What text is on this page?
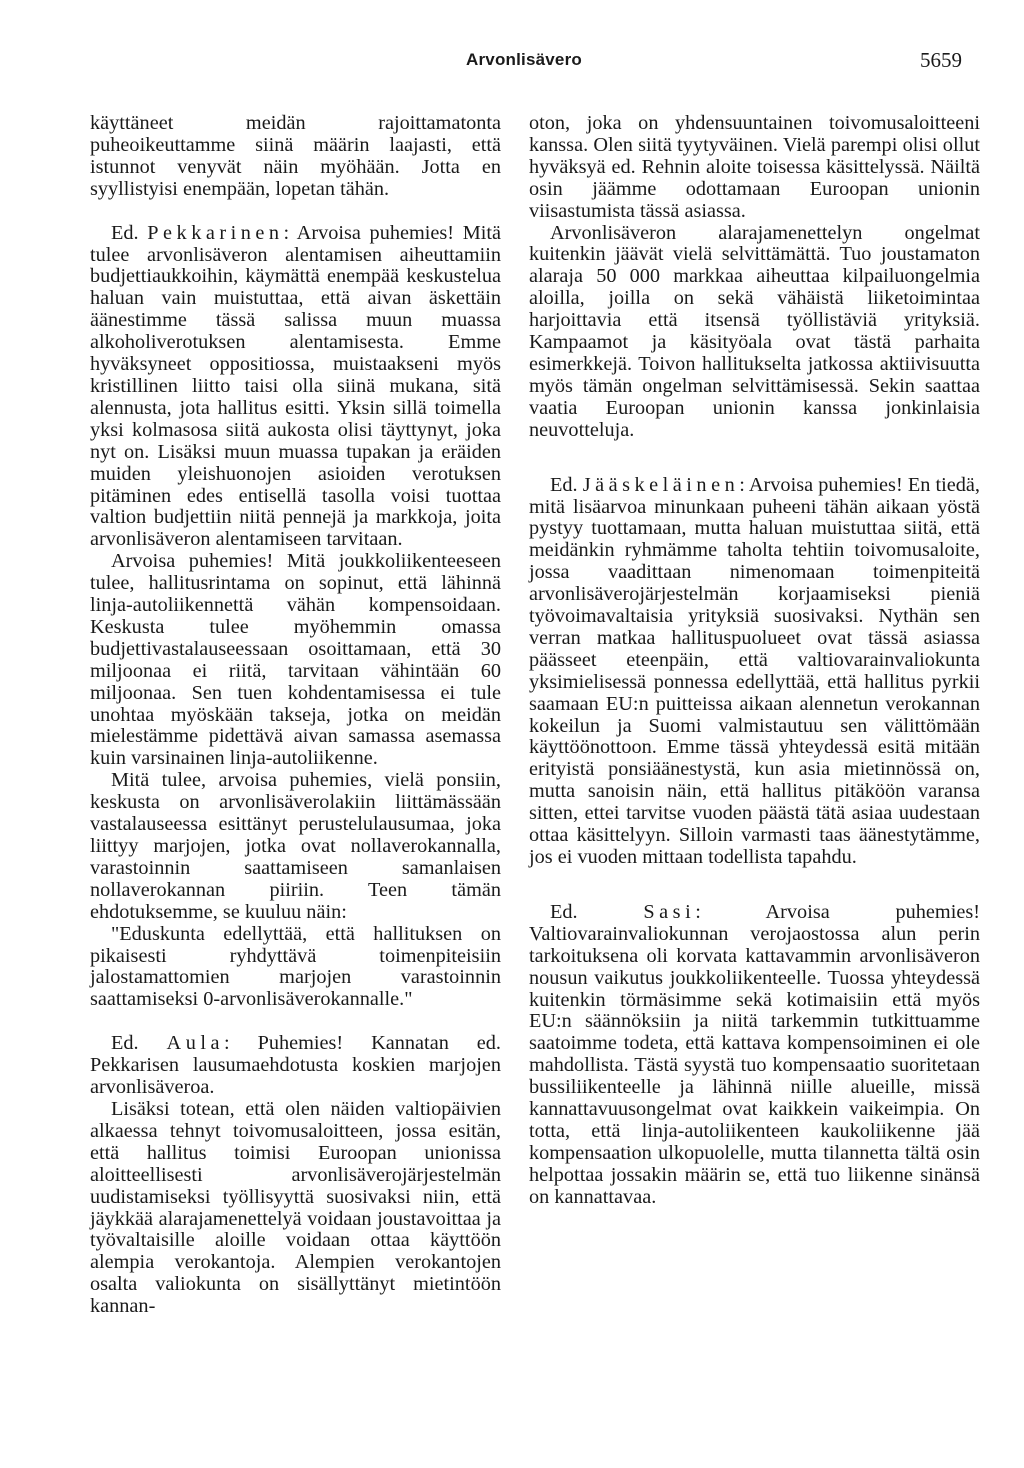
Arvonlisävero	5659

käyttäneet meidän rajoittamatonta puheoikeuttamme siinä määrin laajasti, että istunnot venyvät näin myöhään. Jotta en syyllistyisi enempään, lopetan tähän.

Ed. Pekkarinen: Arvoisa puhemies! Mitä tulee arvonlisäveron alentamisen aiheuttamiin budjettiaukkoihin, käymättä enempää keskustelua haluan vain muistuttaa, että aivan äskettäin äänestimme tässä salissa muun muassa alkoholiverotuksen alentamisesta. Emme hyväksyneet oppositiossa, muistaakseni myös kristillinen liitto taisi olla siinä mukana, sitä alennusta, jota hallitus esitti. Yksin sillä toimella yksi kolmasosa siitä aukosta olisi täyttynyt, joka nyt on. Lisäksi muun muassa tupakan ja eräiden muiden yleishuonojen asioiden verotuksen pitäminen edes entisellä tasolla voisi tuottaa valtion budjettiin niitä pennejä ja markkoja, joita arvonlisäveron alentamiseen tarvitaan.

Arvoisa puhemies! Mitä joukkoliikenteeseen tulee, hallitusrintama on sopinut, että lähinnä linja-autoliikennettä vähän kompensoidaan. Keskusta tulee myöhemmin omassa budjettivastalauseessaan osoittamaan, että 30 miljoonaa ei riitä, tarvitaan vähintään 60 miljoonaa. Sen tuen kohdentamisessa ei tule unohtaa myöskään takseja, jotka on meidän mielestämme pidettävä aivan samassa asemassa kuin varsinainen linja-autoliikenne.

Mitä tulee, arvoisa puhemies, vielä ponsiin, keskusta on arvonlisäverolakiin liittämässään vastalauseessa esittänyt perustelulausumaa, joka liittyy marjojen, jotka ovat nollaverokannalla, varastoinnin saattamiseen samanlaisen nollaverokannan piiriin. Teen tämän ehdotuksemme, se kuuluu näin:

"Eduskunta edellyttää, että hallituksen on pikaisesti ryhdyttävä toimenpiteisiin jalostamattomien marjojen varastoinnin saattamiseksi 0-arvonlisäverokannalle."

Ed. Aula: Puhemies! Kannatan ed. Pekkarisen lausumaehdotusta koskien marjojen arvonlisäveroa.

Lisäksi totean, että olen näiden valtiopäivien alkaessa tehnyt toivomusaloitteen, jossa esitän, että hallitus toimisi Euroopan unionissa aloitteellisesti arvonlisäverojärjestelmän uudistamiseksi työllisyyttä suosivaksi niin, että jäykkää alarajamenettelyä voidaan joustavoittaa ja työvaltaisille aloille voidaan ottaa käyttöön alempia verokantoja. Alempien verokantojen osalta valiokunta on sisällyttänyt mietintöön kannan-

oton, joka on yhdensuuntainen toivomusaloitteeni kanssa. Olen siitä tyytyväinen. Vielä parempi olisi ollut hyväksyä ed. Rehnin aloite toisessa käsittelyssä. Näiltä osin jäämme odottamaan Euroopan unionin viisastumista tässä asiassa.

Arvonlisäveron alarajamenettelyn ongelmat kuitenkin jäävät vielä selvittämättä. Tuo joustamaton alaraja 50 000 markkaa aiheuttaa kilpailuongelmia aloilla, joilla on sekä vähäistä liiketoimintaa harjoittavia että itsensä työllistäviä yrityksiä. Kampaamot ja käsityöala ovat tästä parhaita esimerkkejä. Toivon hallitukselta jatkossa aktiivisuutta myös tämän ongelman selvittämisessä. Sekin saattaa vaatia Euroopan unionin kanssa jonkinlaisia neuvotteluja.

Ed. Jääskeläinen: Arvoisa puhemies! En tiedä, mitä lisäarvoa minunkaan puheeni tähän aikaan yöstä pystyy tuottamaan, mutta haluan muistuttaa siitä, että meidänkin ryhmämme taholta tehtiin toivomusaloite, jossa vaadittaan nimenomaan toimenpiteitä arvonlisäverojärjestelmän korjaamiseksi pieniä työvoimavaltaisia yrityksiä suosivaksi. Nythän sen verran matkaa hallituspuolueet ovat tässä asiassa päässeet eteenpäin, että valtiovarainvaliokunta yksimielisessä ponnessa edellyttää, että hallitus pyrkii saamaan EU:n puitteissa aikaan alennetun verokannan kokeilun ja Suomi valmistautuu sen välittömään käyttöönottoon. Emme tässä yhteydessä esitä mitään erityistä ponsiäänestystä, kun asia mietinnössä on, mutta sanoisin näin, että hallitus pitäköön varansa sitten, ettei tarvitse vuoden päästä tätä asiaa uudestaan ottaa käsittelyyn. Silloin varmasti taas äänestytämme, jos ei vuoden mittaan todellista tapahdu.

Ed. Sasi: Arvoisa puhemies! Valtiovarainvaliokunnan verojaostossa alun perin tarkoituksena oli korvata kattavammin arvonlisäveron nousun vaikutus joukkoliikenteelle. Tuossa yhteydessä kuitenkin törmäsimme sekä kotimaisiin että myös EU:n säännöksiin ja niitä tarkemmin tutkittuamme saatoimme todeta, että kattava kompensoiminen ei ole mahdollista. Tästä syystä tuo kompensaatio suoritetaan bussiliikenteelle ja lähinnä niille alueille, missä kannattavuusongelmat ovat kaikkein vaikeimpia. On totta, että linja-autoliikenteen kaukoliikenne jää kompensaation ulkopuolelle, mutta tilannetta tältä osin helpottaa jossakin määrin se, että tuo liikenne sinänsä on kannattavaa.
